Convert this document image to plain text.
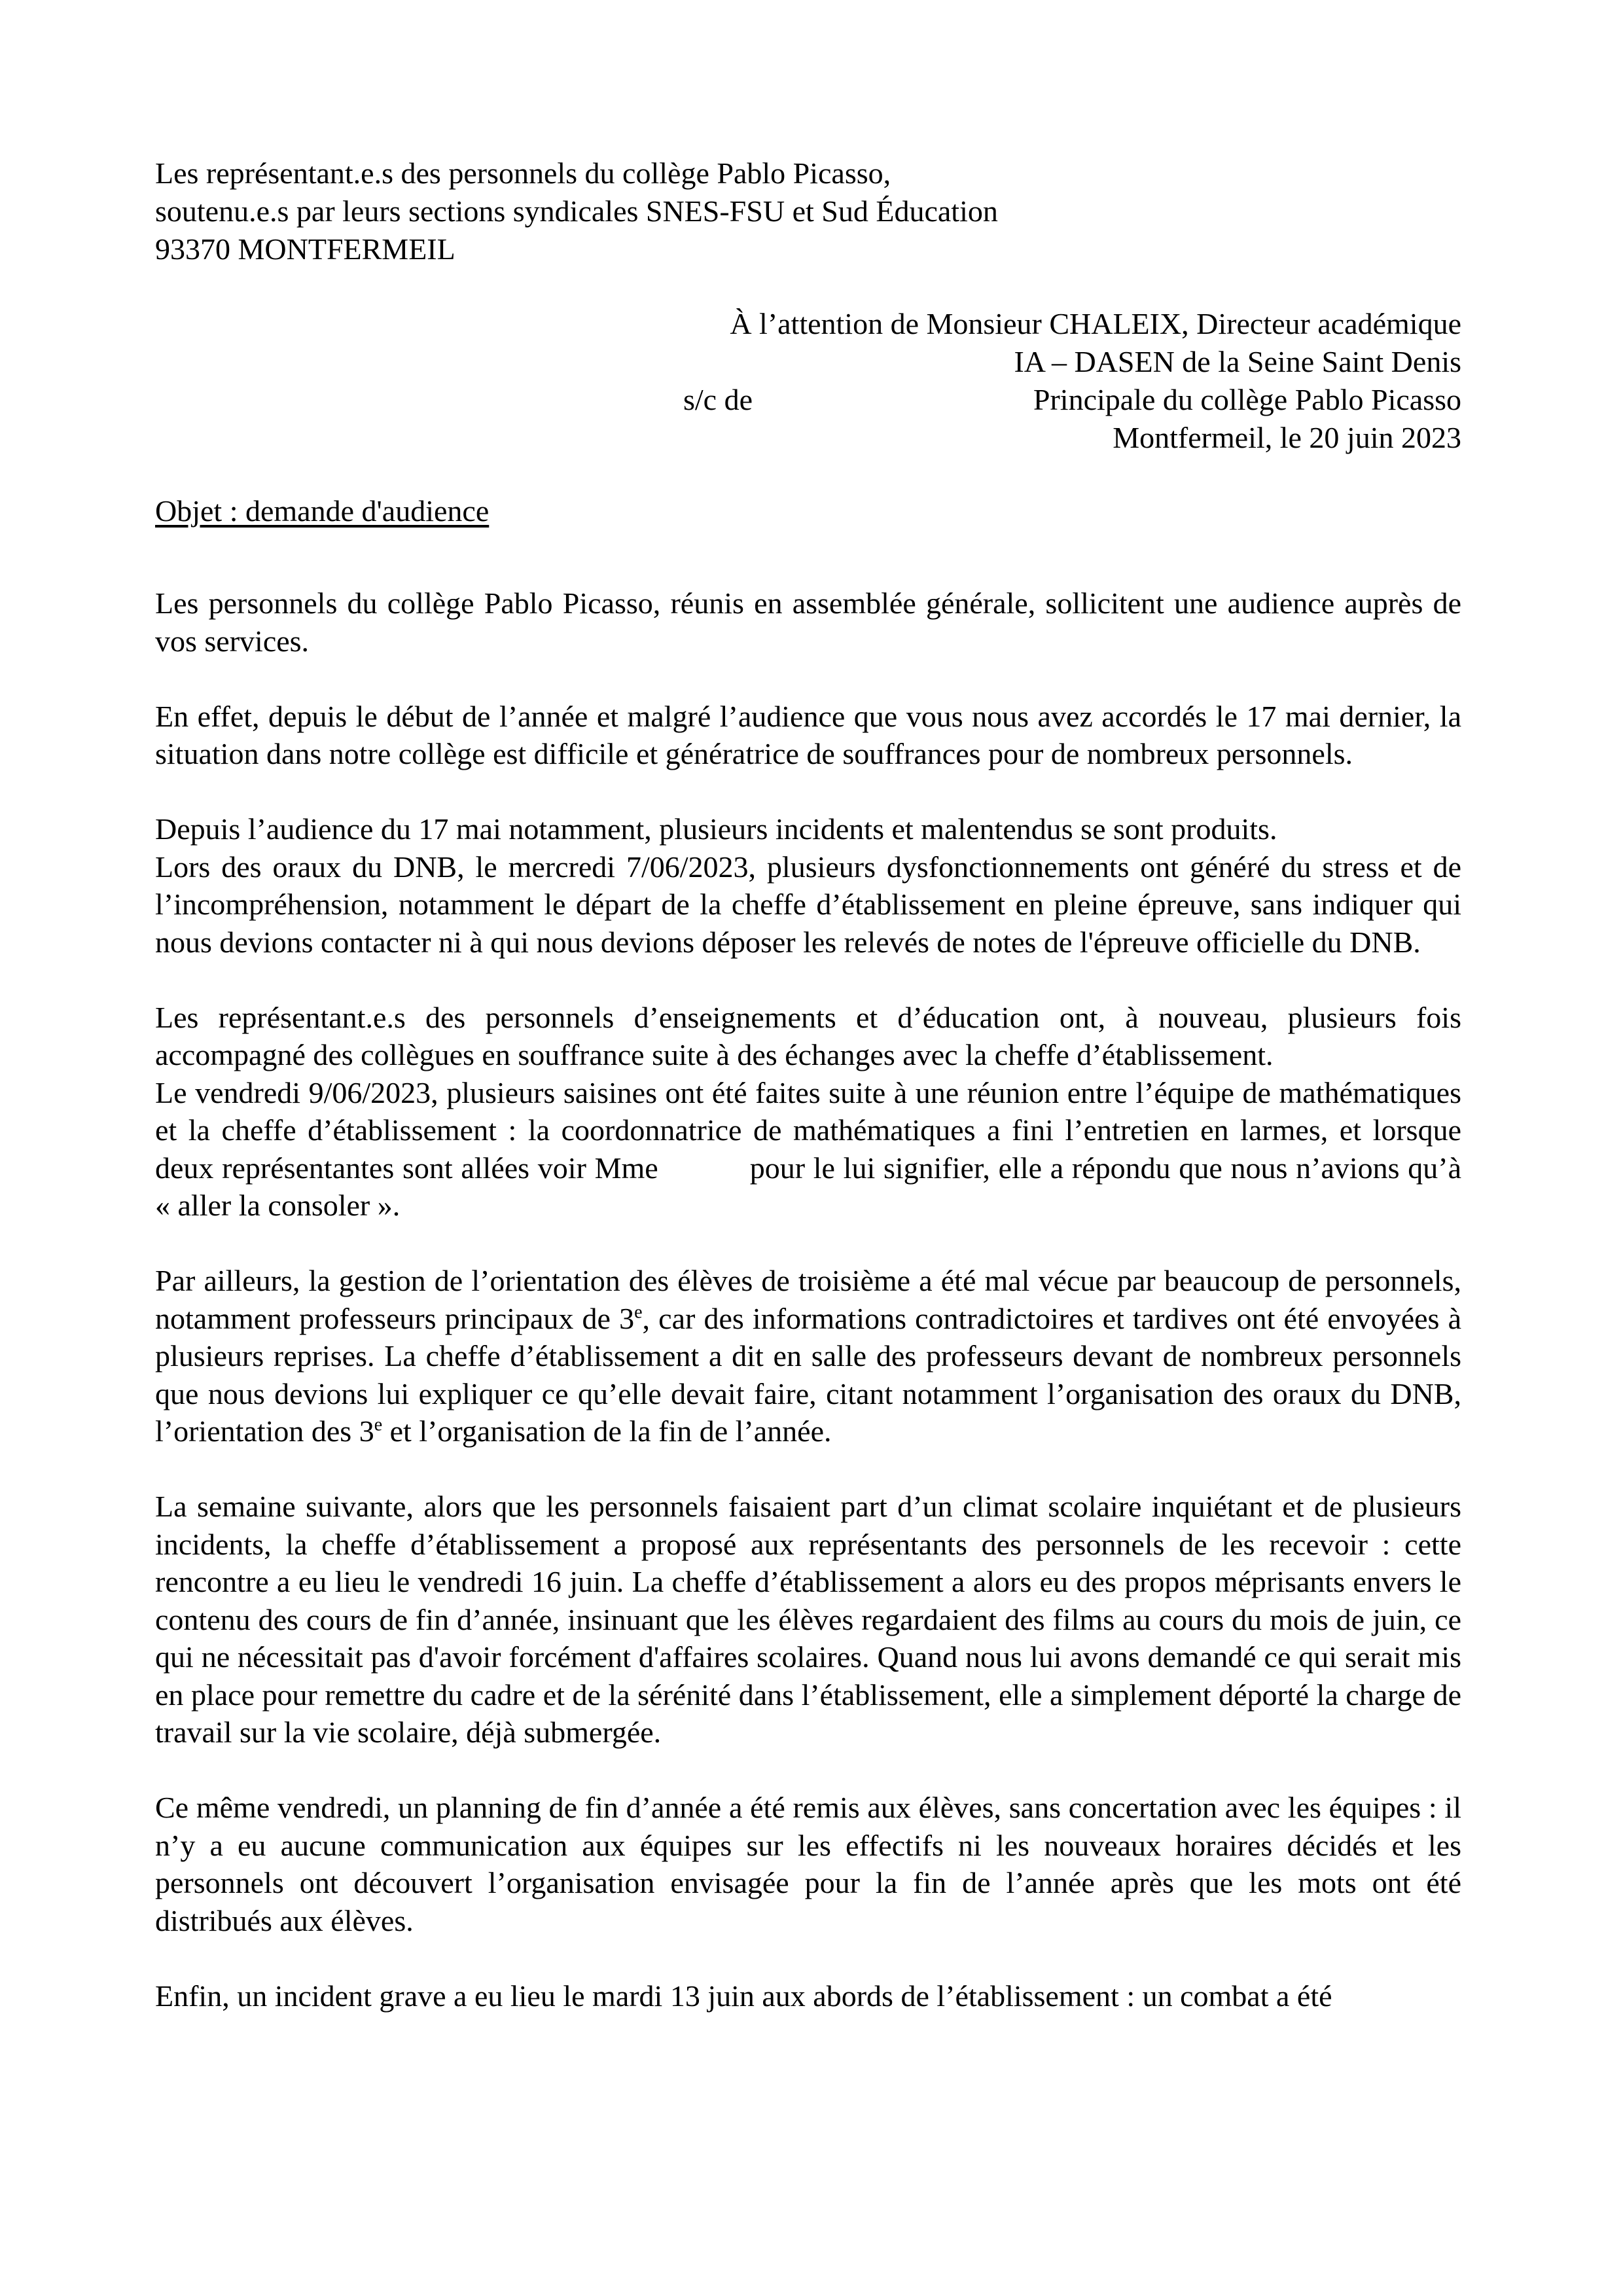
Les représentant.e.s des personnels du collège Pablo Picasso,
soutenu.e.s par leurs sections syndicales SNES-FSU et Sud Éducation
93370 MONTFERMEIL
À l’attention de Monsieur CHALEIX, Directeur académique
IA – DASEN de la Seine Saint Denis
s/c de	Principale du collège Pablo Picasso
Montfermeil, le 20 juin 2023
Objet : demande d'audience

Les personnels du collège Pablo Picasso, réunis en assemblée générale, sollicitent une audience auprès de vos services.

En effet, depuis le début de l’année et malgré l’audience que vous nous avez accordés le 17 mai dernier, la situation dans notre collège est difficile et génératrice de souffrances pour de nombreux personnels.

Depuis l’audience du 17 mai notamment, plusieurs incidents et malentendus se sont produits.

Lors des oraux du DNB, le mercredi 7/06/2023, plusieurs dysfonctionnements ont généré du stress et de l’incompréhension, notamment le départ de la cheffe d’établissement en pleine épreuve, sans indiquer qui nous devions contacter ni à qui nous devions déposer les relevés de notes de l'épreuve officielle du DNB.

Les représentant.e.s des personnels d’enseignements et d’éducation ont, à nouveau, plusieurs fois accompagné des collègues en souffrance suite à des échanges avec la cheffe d’établissement.

Le vendredi 9/06/2023, plusieurs saisines ont été faites suite à une réunion entre l’équipe de mathématiques et la cheffe d’établissement : la coordonnatrice de mathématiques a fini l’entretien en larmes, et lorsque deux représentantes sont allées voir Mme	pour le lui signifier, elle a répondu que nous n’avions qu’à « aller la consoler ».

Par ailleurs, la gestion de l’orientation des élèves de troisième a été mal vécue par beaucoup de personnels, notamment professeurs principaux de 3e, car des informations contradictoires et tardives ont été envoyées à plusieurs reprises. La cheffe d’établissement a dit en salle des professeurs devant de nombreux personnels que nous devions lui expliquer ce qu’elle devait faire, citant notamment l’organisation des oraux du DNB, l’orientation des 3e et l’organisation de la fin de l’année.

La semaine suivante, alors que les personnels faisaient part d’un climat scolaire inquiétant et de plusieurs incidents, la cheffe d’établissement a proposé aux représentants des personnels de les recevoir : cette rencontre a eu lieu le vendredi 16 juin. La cheffe d’établissement a alors eu des propos méprisants envers le contenu des cours de fin d’année, insinuant que les élèves regardaient des films au cours du mois de juin, ce qui ne nécessitait pas d'avoir forcément d'affaires scolaires. Quand nous lui avons demandé ce qui serait mis en place pour remettre du cadre et de la sérénité dans l’établissement, elle a simplement déporté la charge de travail sur la vie scolaire, déjà submergée.

Ce même vendredi, un planning de fin d’année a été remis aux élèves, sans concertation avec les équipes : il n’y a eu aucune communication aux équipes sur les effectifs ni les nouveaux horaires décidés et les personnels ont découvert l’organisation envisagée pour la fin de l’année après que les mots ont été distribués aux élèves.

Enfin, un incident grave a eu lieu le mardi 13 juin aux abords de l’établissement : un combat a été
